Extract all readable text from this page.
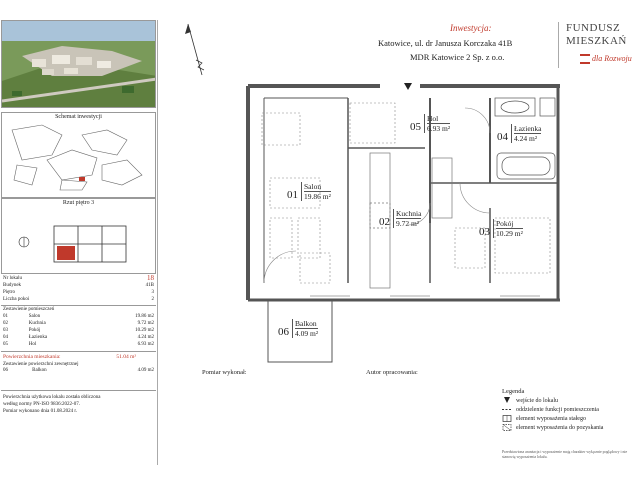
Schemat inwestycji
Rzut piętro 3
Nr lokalu	18
Budynek	41B
Piętro	3
Liczba pokoi	2
Zestawienie pomieszczeń
01	Salon	19.86 m2
02	Kuchnia	9.72 m2
03	Pokój	10.29 m2
04	Łazienka	4.24 m2
05	Hol	6.93 m2
Powierzchnia mieszkania:	51.04 m²
Zestawienie powierzchni zewnętrznej
06	Balkon	4.09 m2
Powierzchnia użytkowa lokalu została obliczona
według normy PN-ISO 9836:2022-07.
Pomiar wykonano dnia 01.08.2024 r.
Inwestycja:
Katowice, ul. dr Janusza Korczaka 41B
MDR Katowice 2 Sp. z o.o.
FUNDUSZ
MIESZKAŃ
dla Rozwoju
01
Salon
19.86 m²
02
Kuchnia
9.72 m²
03
Pokój
10.29 m²
04
Łazienka
4.24 m²
05
Hol
6.93 m²
06
Balkon
4.09 m²
Pomiar wykonał:	Autor opracowania:
Legenda
wejście do lokalu
oddzielenie funkcji pomieszczenia
element wyposażenia stałego
element wyposażenia do pozyskania
Przedstawiona aranżacja i wyposażenie mają charakter wyłącznie poglądowy i nie stanowią wyposażenia lokalu.
